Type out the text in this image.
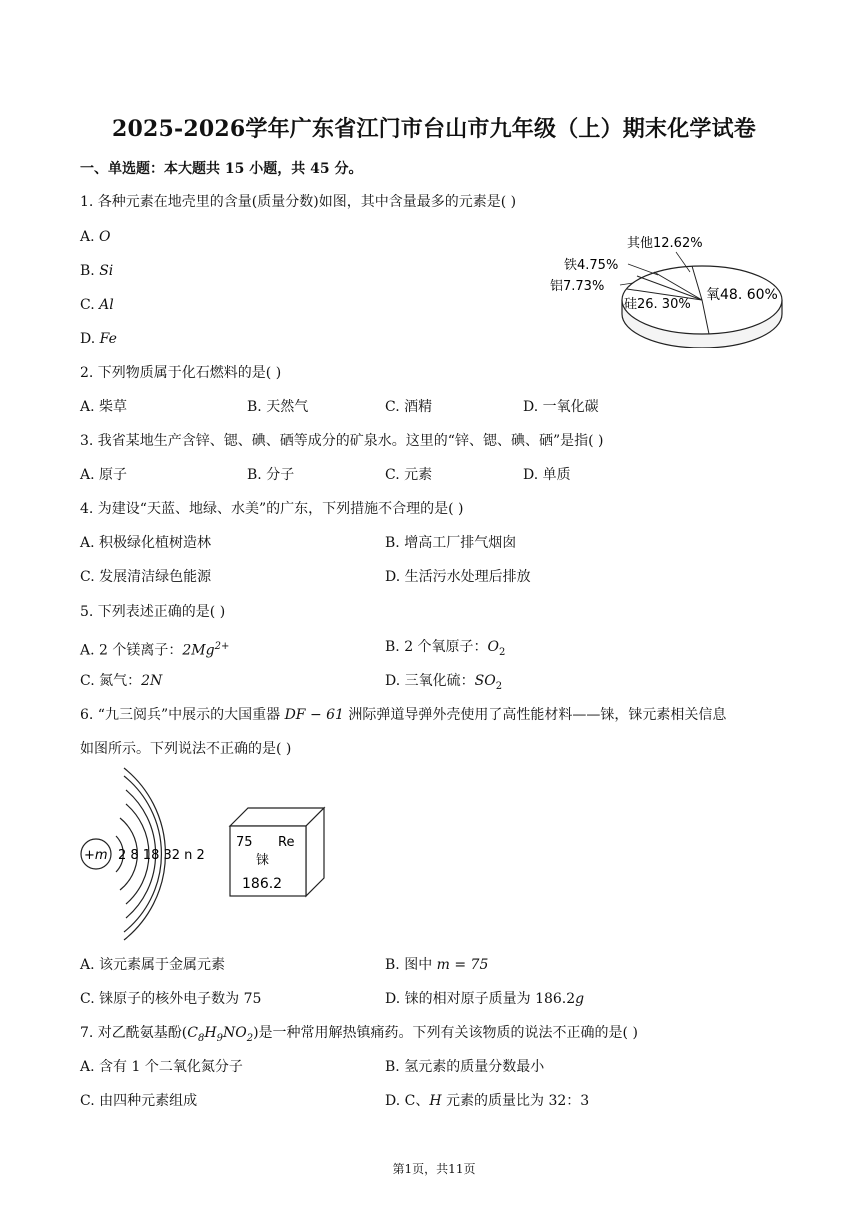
2025-2026学年广东省江门市台山市九年级（上）期末化学试卷
一、单选题：本大题共 15 小题，共 45 分。
1. 各种元素在地壳里的含量(质量分数)如图，其中含量最多的元素是( )
A. O
B. Si
C. Al
D. Fe
其他12.62%
铁4.75%
铝7.73%
硅26. 30%
氧48. 60%
2. 下列物质属于化石燃料的是( )
A. 柴草	B. 天然气	C. 酒精	D. 一氧化碳
3. 我省某地生产含锌、锶、碘、硒等成分的矿泉水。这里的“锌、锶、碘、硒”是指( )
A. 原子	B. 分子	C. 元素	D. 单质
4. 为建设“天蓝、地绿、水美”的广东，下列措施不合理的是( )
A. 积极绿化植树造林	B. 增高工厂排气烟囱
C. 发展清洁绿色能源	D. 生活污水处理后排放
5. 下列表述正确的是( )
A. 2 个镁离子：$2Mg^{2+}$	B. 2 个氧原子：$O_2$
C. 氮气：2N	D. 三氧化硫：$SO_2$
6. “九三阅兵”中展示的大国重器 DF − 61 洲际弹道导弹外壳使用了高性能材料——铼，铼元素相关信息
如图所示。下列说法不正确的是( )
+m 2 8 18 32 n 2
75 Re
铼
186.2
A. 该元素属于金属元素	B. 图中 m = 75
C. 铼原子的核外电子数为 75	D. 铼的相对原子质量为 186.2g
7. 对乙酰氨基酚$(C_8H_9NO_2)$是一种常用解热镇痛药。下列有关该物质的说法不正确的是( )
A. 含有 1 个二氧化氮分子	B. 氢元素的质量分数最小
C. 由四种元素组成	D. C、H 元素的质量比为 32：3
第1页，共11页
